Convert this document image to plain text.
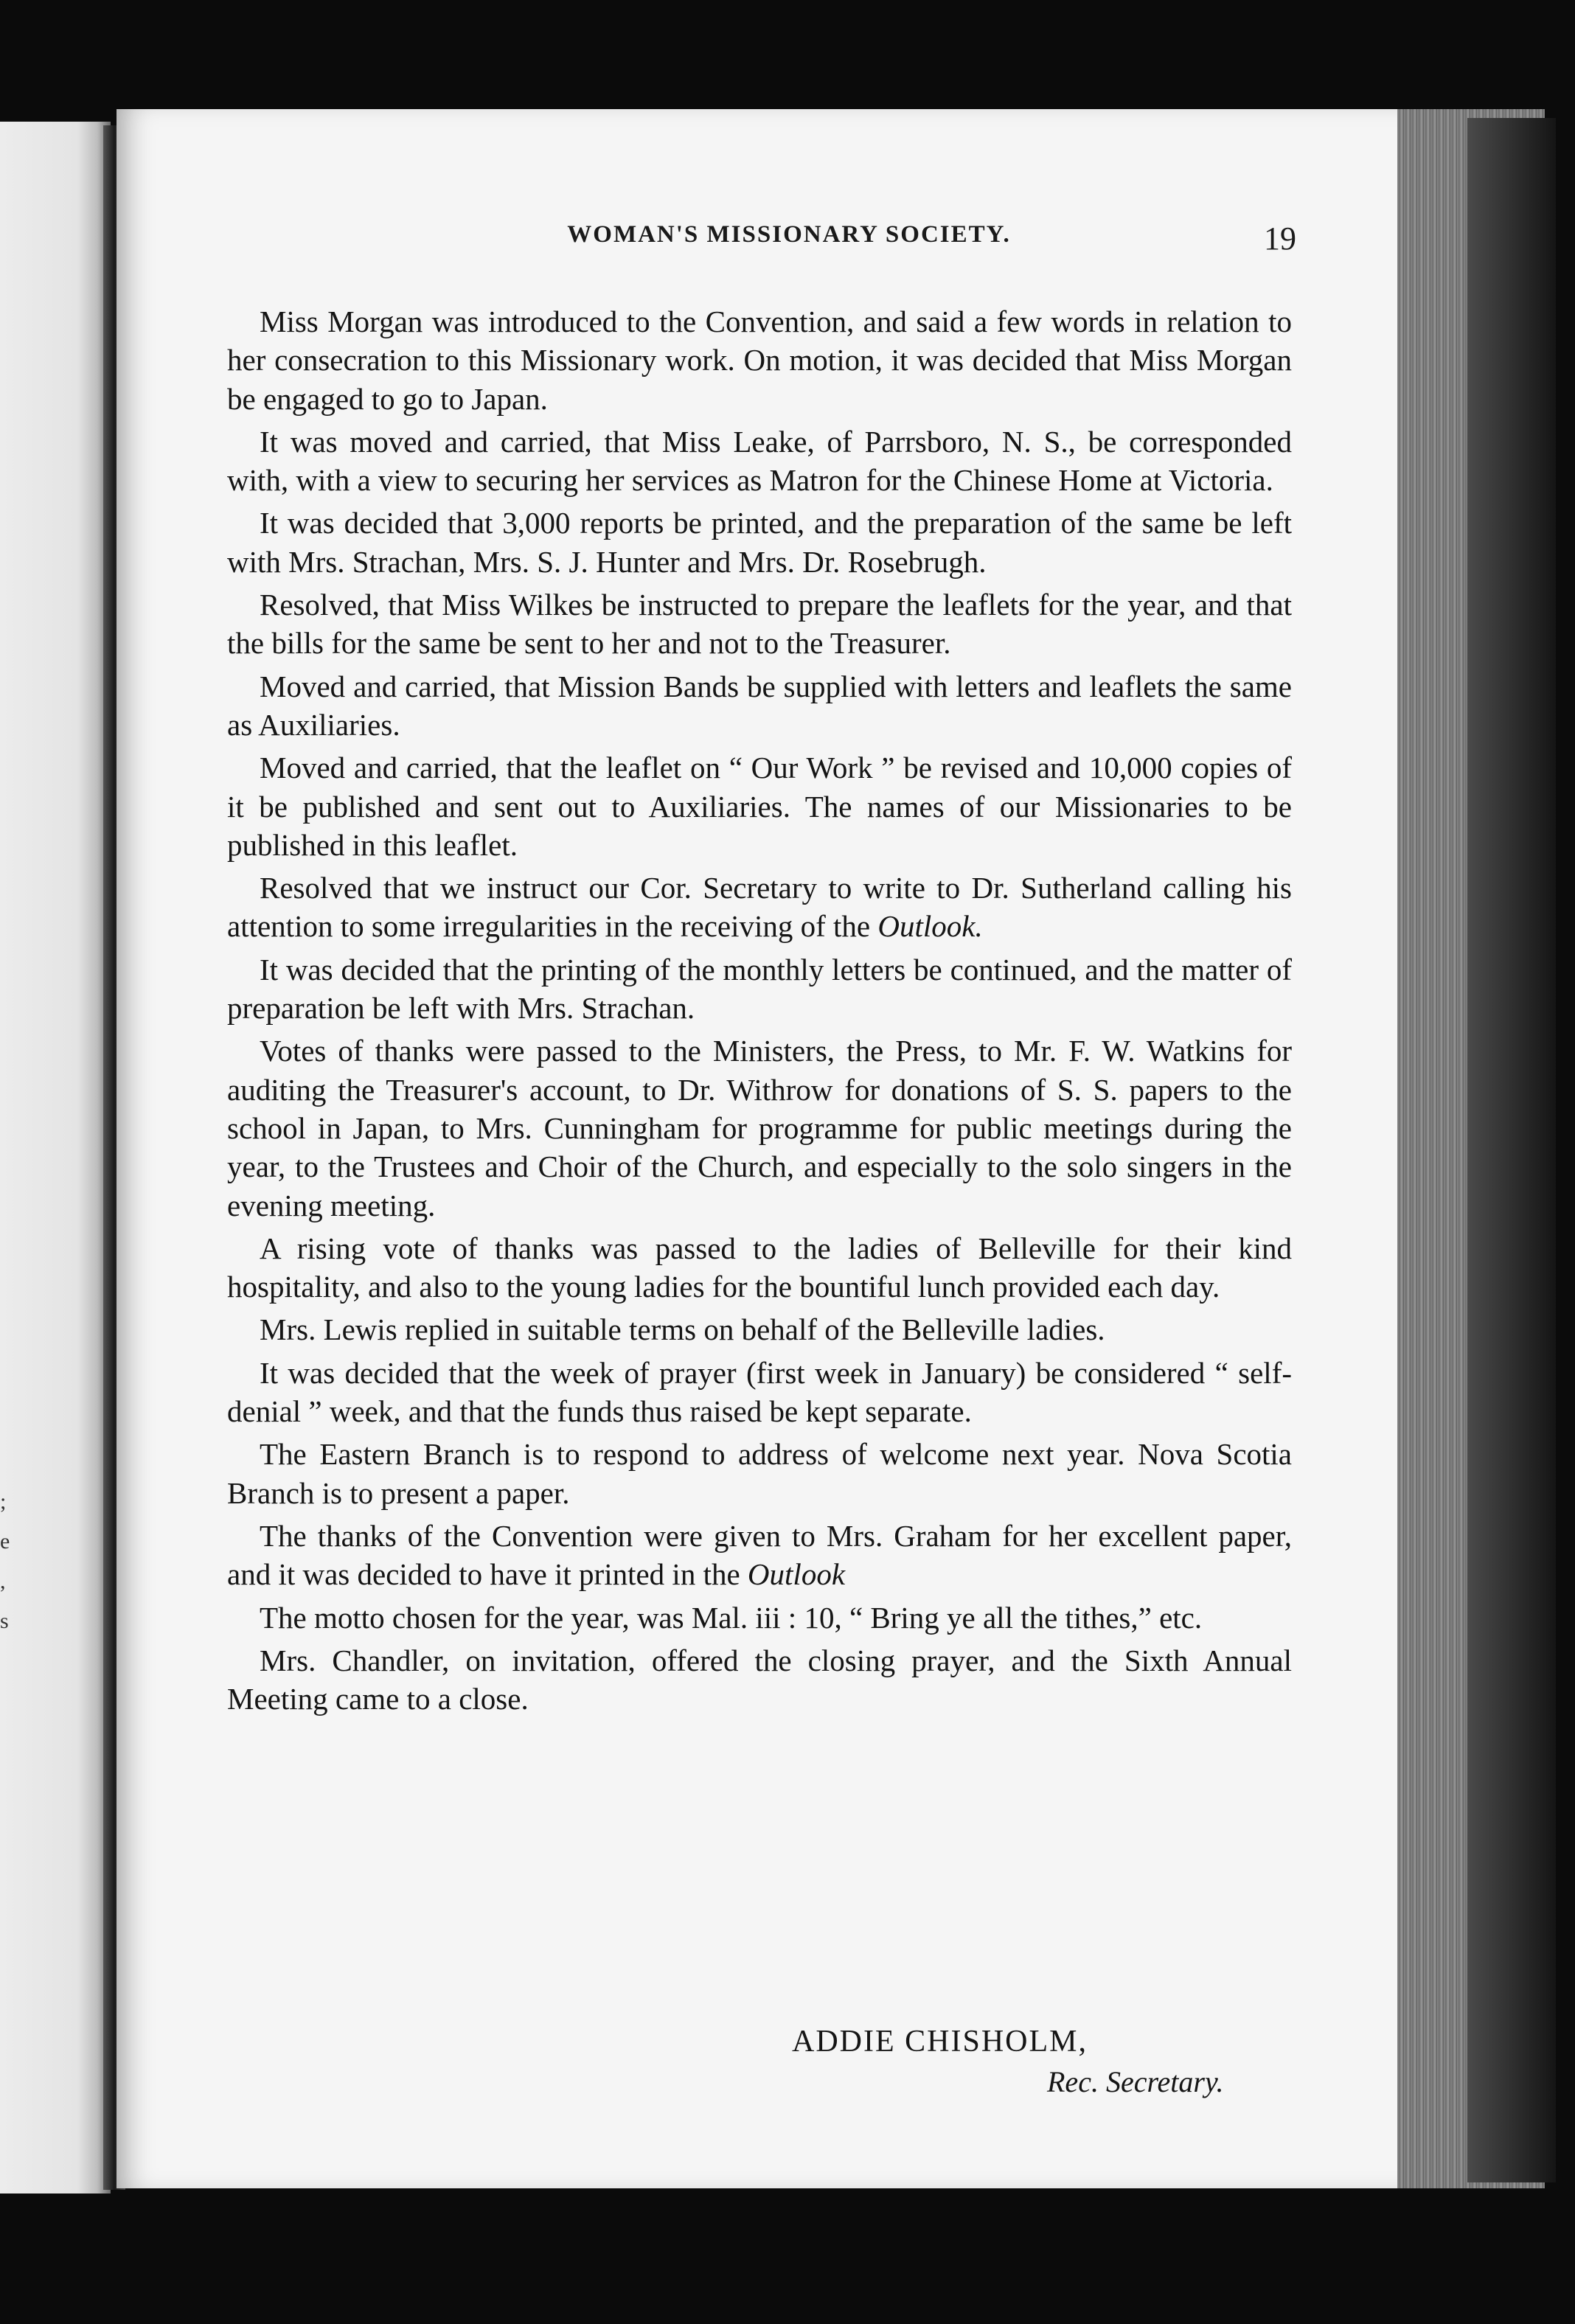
;
e
,
s
WOMAN'S MISSIONARY SOCIETY.	19

Miss Morgan was introduced to the Convention, and said a few words in relation to her consecration to this Missionary work. On motion, it was decided that Miss Morgan be engaged to go to Japan.

It was moved and carried, that Miss Leake, of Parrsboro, N. S., be corresponded with, with a view to securing her services as Matron for the Chinese Home at Victoria.

It was decided that 3,000 reports be printed, and the preparation of the same be left with Mrs. Strachan, Mrs. S. J. Hunter and Mrs. Dr. Rosebrugh.

Resolved, that Miss Wilkes be instructed to prepare the leaflets for the year, and that the bills for the same be sent to her and not to the Treasurer.

Moved and carried, that Mission Bands be supplied with letters and leaflets the same as Auxiliaries.

Moved and carried, that the leaflet on “ Our Work ” be revised and 10,000 copies of it be published and sent out to Auxiliaries. The names of our Missionaries to be published in this leaflet.

Resolved that we instruct our Cor. Secretary to write to Dr. Sutherland calling his attention to some irregularities in the receiving of the Outlook.

It was decided that the printing of the monthly letters be continued, and the matter of preparation be left with Mrs. Strachan.

Votes of thanks were passed to the Ministers, the Press, to Mr. F. W. Watkins for auditing the Treasurer's account, to Dr. Withrow for donations of S. S. papers to the school in Japan, to Mrs. Cunningham for programme for public meetings during the year, to the Trustees and Choir of the Church, and especially to the solo singers in the evening meeting.

A rising vote of thanks was passed to the ladies of Belleville for their kind hospitality, and also to the young ladies for the bountiful lunch provided each day.

Mrs. Lewis replied in suitable terms on behalf of the Belleville ladies.

It was decided that the week of prayer (first week in January) be considered “ self-denial ” week, and that the funds thus raised be kept separate.

The Eastern Branch is to respond to address of welcome next year. Nova Scotia Branch is to present a paper.

The thanks of the Convention were given to Mrs. Graham for her excellent paper, and it was decided to have it printed in the Outlook

The motto chosen for the year, was Mal. iii : 10, “ Bring ye all the tithes,” etc.

Mrs. Chandler, on invitation, offered the closing prayer, and the Sixth Annual Meeting came to a close.

ADDIE CHISHOLM,
Rec. Secretary.
